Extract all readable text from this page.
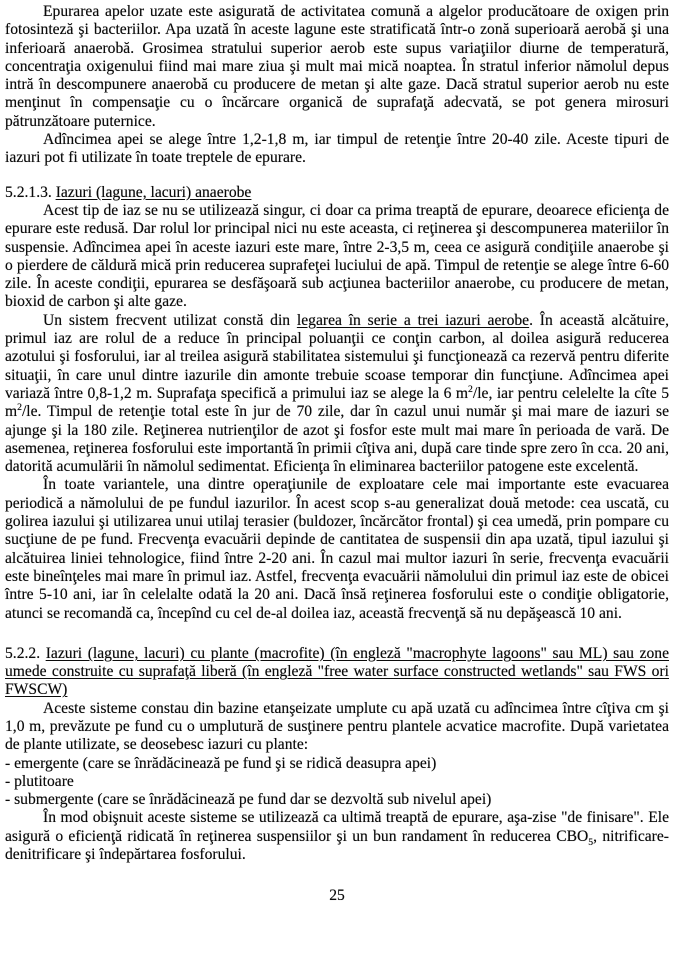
Epurarea apelor uzate este asigurată de activitatea comună a algelor producătoare de oxigen prin fotosinteză şi bacteriilor. Apa uzată în aceste lagune este stratificată într-o zonă superioară aerobă şi una inferioară anaerobă. Grosimea stratului superior aerob este supus variaţiilor diurne de temperatură, concentraţia oxigenului fiind mai mare ziua şi mult mai mică noaptea. În stratul inferior nămolul depus intră în descompunere anaerobă cu producere de metan şi alte gaze. Dacă stratul superior aerob nu este menţinut în compensaţie cu o încărcare organică de suprafaţă adecvată, se pot genera mirosuri pătrunzătoare puternice.
Adîncimea apei se alege între 1,2-1,8 m, iar timpul de retenţie între 20-40 zile. Aceste tipuri de iazuri pot fi utilizate în toate treptele de epurare.
5.2.1.3. Iazuri (lagune, lacuri) anaerobe
Acest tip de iaz se nu se utilizează singur, ci doar ca prima treaptă de epurare, deoarece eficienţa de epurare este redusă. Dar rolul lor principal nici nu este aceasta, ci reţinerea şi descompunerea materiilor în suspensie. Adîncimea apei în aceste iazuri este mare, între 2-3,5 m, ceea ce asigură condiţiile anaerobe şi o pierdere de căldură mică prin reducerea suprafeţei luciului de apă. Timpul de retenţie se alege între 6-60 zile. În aceste condiţii, epurarea se desfăşoară sub acţiunea bacteriilor anaerobe, cu producere de metan, bioxid de carbon şi alte gaze.
Un sistem frecvent utilizat constă din legarea în serie a trei iazuri aerobe. În această alcătuire, primul iaz are rolul de a reduce în principal poluanţii ce conţin carbon, al doilea asigură reducerea azotului şi fosforului, iar al treilea asigură stabilitatea sistemului şi funcţionează ca rezervă pentru diferite situaţii, în care unul dintre iazurile din amonte trebuie scoase temporar din funcţiune. Adîncimea apei variază între 0,8-1,2 m. Suprafaţa specifică a primului iaz se alege la 6 $m^2/le$, iar pentru celelelte la cîte 5 $m^2/le$. Timpul de retenţie total este în jur de 70 zile, dar în cazul unui număr şi mai mare de iazuri se ajunge şi la 180 zile. Reţinerea nutrienţilor de azot şi fosfor este mult mai mare în perioada de vară. De asemenea, reţinerea fosforului este importantă în primii cîţiva ani, după care tinde spre zero în cca. 20 ani, datorită acumulării în nămolul sedimentat. Eficienţa în eliminarea bacteriilor patogene este excelentă.
În toate variantele, una dintre operaţiunile de exploatare cele mai importante este evacuarea periodică a nămolului de pe fundul iazurilor. În acest scop s-au generalizat două metode: cea uscată, cu golirea iazului şi utilizarea unui utilaj terasier (buldozer, încărcător frontal) şi cea umedă, prin pompare cu sucţiune de pe fund. Frecvenţa evacuării depinde de cantitatea de suspensii din apa uzată, tipul iazului şi alcătuirea liniei tehnologice, fiind între 2-20 ani. În cazul mai multor iazuri în serie, frecvenţa evacuării este bineînţeles mai mare în primul iaz. Astfel, frecvenţa evacuării nămolului din primul iaz este de obicei între 5-10 ani, iar în celelalte odată la 20 ani. Dacă însă reţinerea fosforului este o condiţie obligatorie, atunci se recomandă ca, începînd cu cel de-al doilea iaz, această frecvenţă să nu depăşească 10 ani.
5.2.2. Iazuri (lagune, lacuri) cu plante (macrofite) (în engleză "macrophyte lagoons" sau ML) sau zone umede construite cu suprafaţă liberă (în engleză "free water surface constructed wetlands" sau FWS ori FWSCW)
Aceste sisteme constau din bazine etanşeizate umplute cu apă uzată cu adîncimea între cîţiva cm şi 1,0 m, prevăzute pe fund cu o umplutură de susţinere pentru plantele acvatice macrofite. După varietatea de plante utilizate, se deosebesc iazuri cu plante:
- emergente (care se înrădăcinează pe fund şi se ridică deasupra apei)
- plutitoare
- submergente (care se înrădăcinează pe fund dar se dezvoltă sub nivelul apei)
În mod obişnuit aceste sisteme se utilizează ca ultimă treaptă de epurare, aşa-zise "de finisare". Ele asigură o eficienţă ridicată în reţinerea suspensiilor şi un bun randament în reducerea $CBO_5$, nitrificare-denitrificare şi îndepărtarea fosforului.
25
